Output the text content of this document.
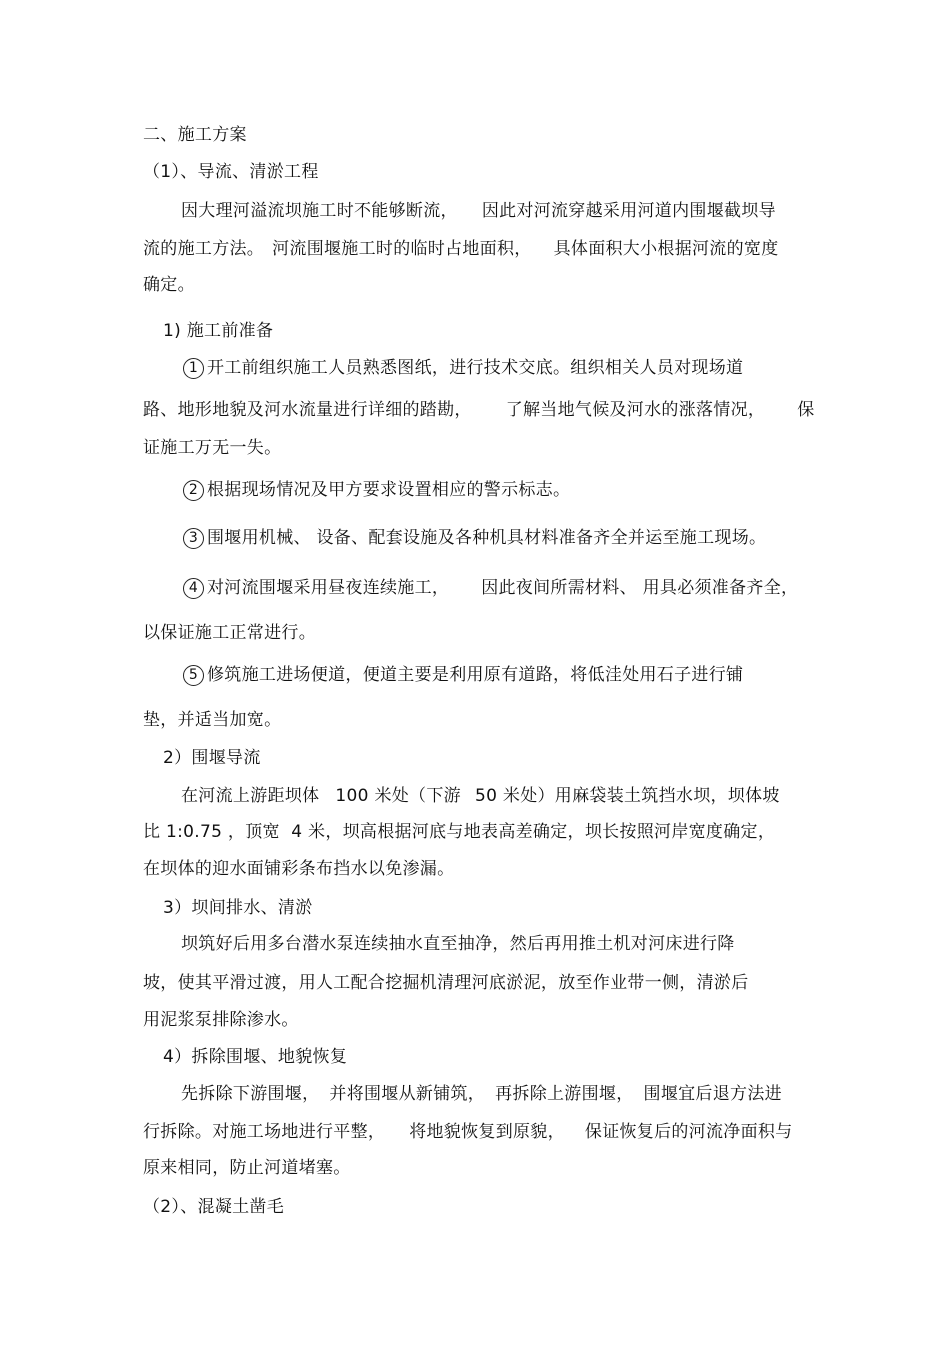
二、施工方案
（1）、导流、清淤工程
因大理河溢流坝施工时不能够断流， 因此对河流穿越采用河道内围堰截坝导
流的施工方法。 河流围堰施工时的临时占地面积， 具体面积大小根据河流的宽度
确定。
1) 施工前准备
1 开工前组织施工人员熟悉图纸，进行技术交底。组织相关人员对现场道
路、地形地貌及河水流量进行详细的踏勘， 了解当地气候及河水的涨落情况， 保
证施工万无一失。
2 根据现场情况及甲方要求设置相应的警示标志。
3 围堰用机械、 设备、配套设施及各种机具材料准备齐全并运至施工现场。
4 对河流围堰采用昼夜连续施工， 因此夜间所需材料、 用具必须准备齐全，
以保证施工正常进行。
5 修筑施工进场便道，便道主要是利用原有道路，将低洼处用石子进行铺
垫，并适当加宽。
2）围堰导流
在河流上游距坝体 100 米处（下游 50 米处）用麻袋装土筑挡水坝，坝体坡
比 1:0.75 ，顶宽  4 米，坝高根据河底与地表高差确定，坝长按照河岸宽度确定，
在坝体的迎水面铺彩条布挡水以免渗漏。
3）坝间排水、清淤
坝筑好后用多台潜水泵连续抽水直至抽净，然后再用推土机对河床进行降
坡，使其平滑过渡，用人工配合挖掘机清理河底淤泥，放至作业带一侧，清淤后
用泥浆泵排除渗水。
4）拆除围堰、地貌恢复
先拆除下游围堰， 并将围堰从新铺筑， 再拆除上游围堰， 围堰宜后退方法进
行拆除。对施工场地进行平整， 将地貌恢复到原貌， 保证恢复后的河流净面积与
原来相同，防止河道堵塞。
（2）、混凝土凿毛
